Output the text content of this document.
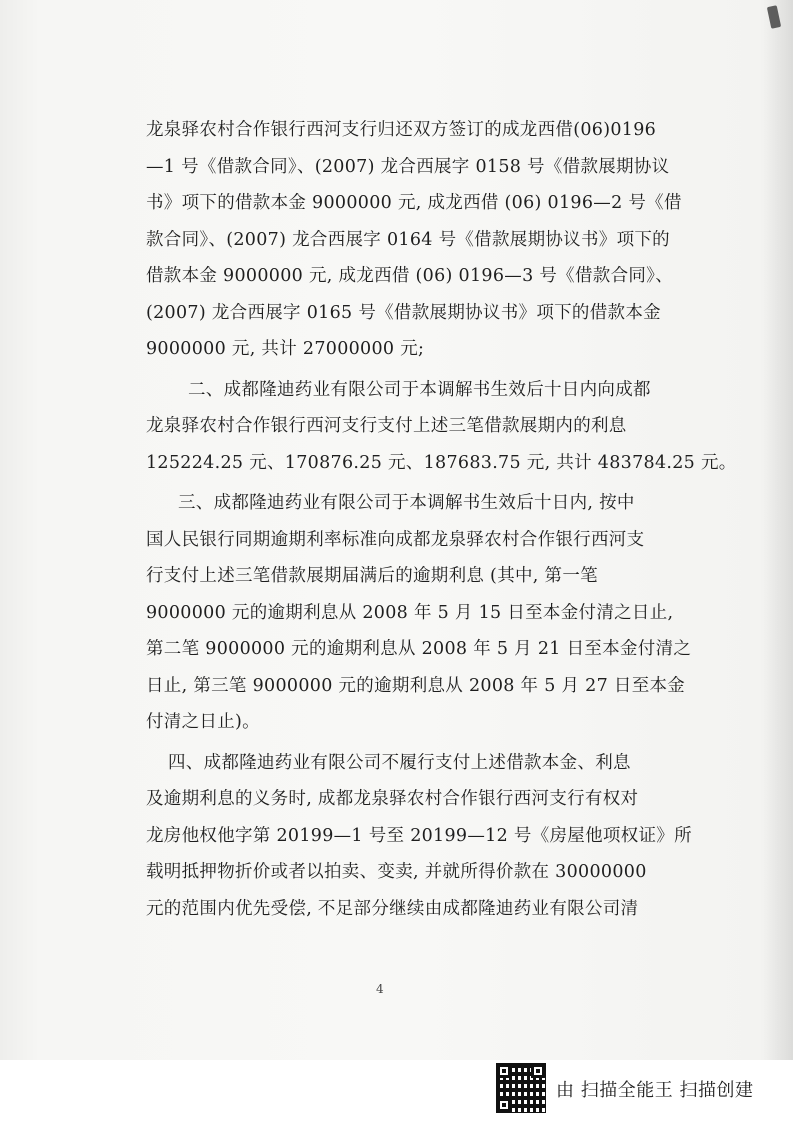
龙泉驿农村合作银行西河支行归还双方签订的成龙西借(06)0196
—1 号《借款合同》、(2007) 龙合西展字 0158 号《借款展期协议
书》项下的借款本金 9000000 元, 成龙西借 (06) 0196—2 号《借
款合同》、(2007) 龙合西展字 0164 号《借款展期协议书》项下的
借款本金 9000000 元, 成龙西借 (06) 0196—3 号《借款合同》、
(2007) 龙合西展字 0165 号《借款展期协议书》项下的借款本金
9000000 元, 共计 27000000 元;
二、成都隆迪药业有限公司于本调解书生效后十日内向成都
龙泉驿农村合作银行西河支行支付上述三笔借款展期内的利息
125224.25 元、170876.25 元、187683.75 元, 共计 483784.25 元。
三、成都隆迪药业有限公司于本调解书生效后十日内, 按中
国人民银行同期逾期利率标准向成都龙泉驿农村合作银行西河支
行支付上述三笔借款展期届满后的逾期利息 (其中, 第一笔
9000000 元的逾期利息从 2008 年 5 月 15 日至本金付清之日止,
第二笔 9000000 元的逾期利息从 2008 年 5 月 21 日至本金付清之
日止, 第三笔 9000000 元的逾期利息从 2008 年 5 月 27 日至本金
付清之日止)。
四、成都隆迪药业有限公司不履行支付上述借款本金、利息
及逾期利息的义务时, 成都龙泉驿农村合作银行西河支行有权对
龙房他权他字第 20199—1 号至 20199—12 号《房屋他项权证》所
载明抵押物折价或者以拍卖、变卖, 并就所得价款在 30000000
元的范围内优先受偿, 不足部分继续由成都隆迪药业有限公司清
4
由 扫描全能王 扫描创建
